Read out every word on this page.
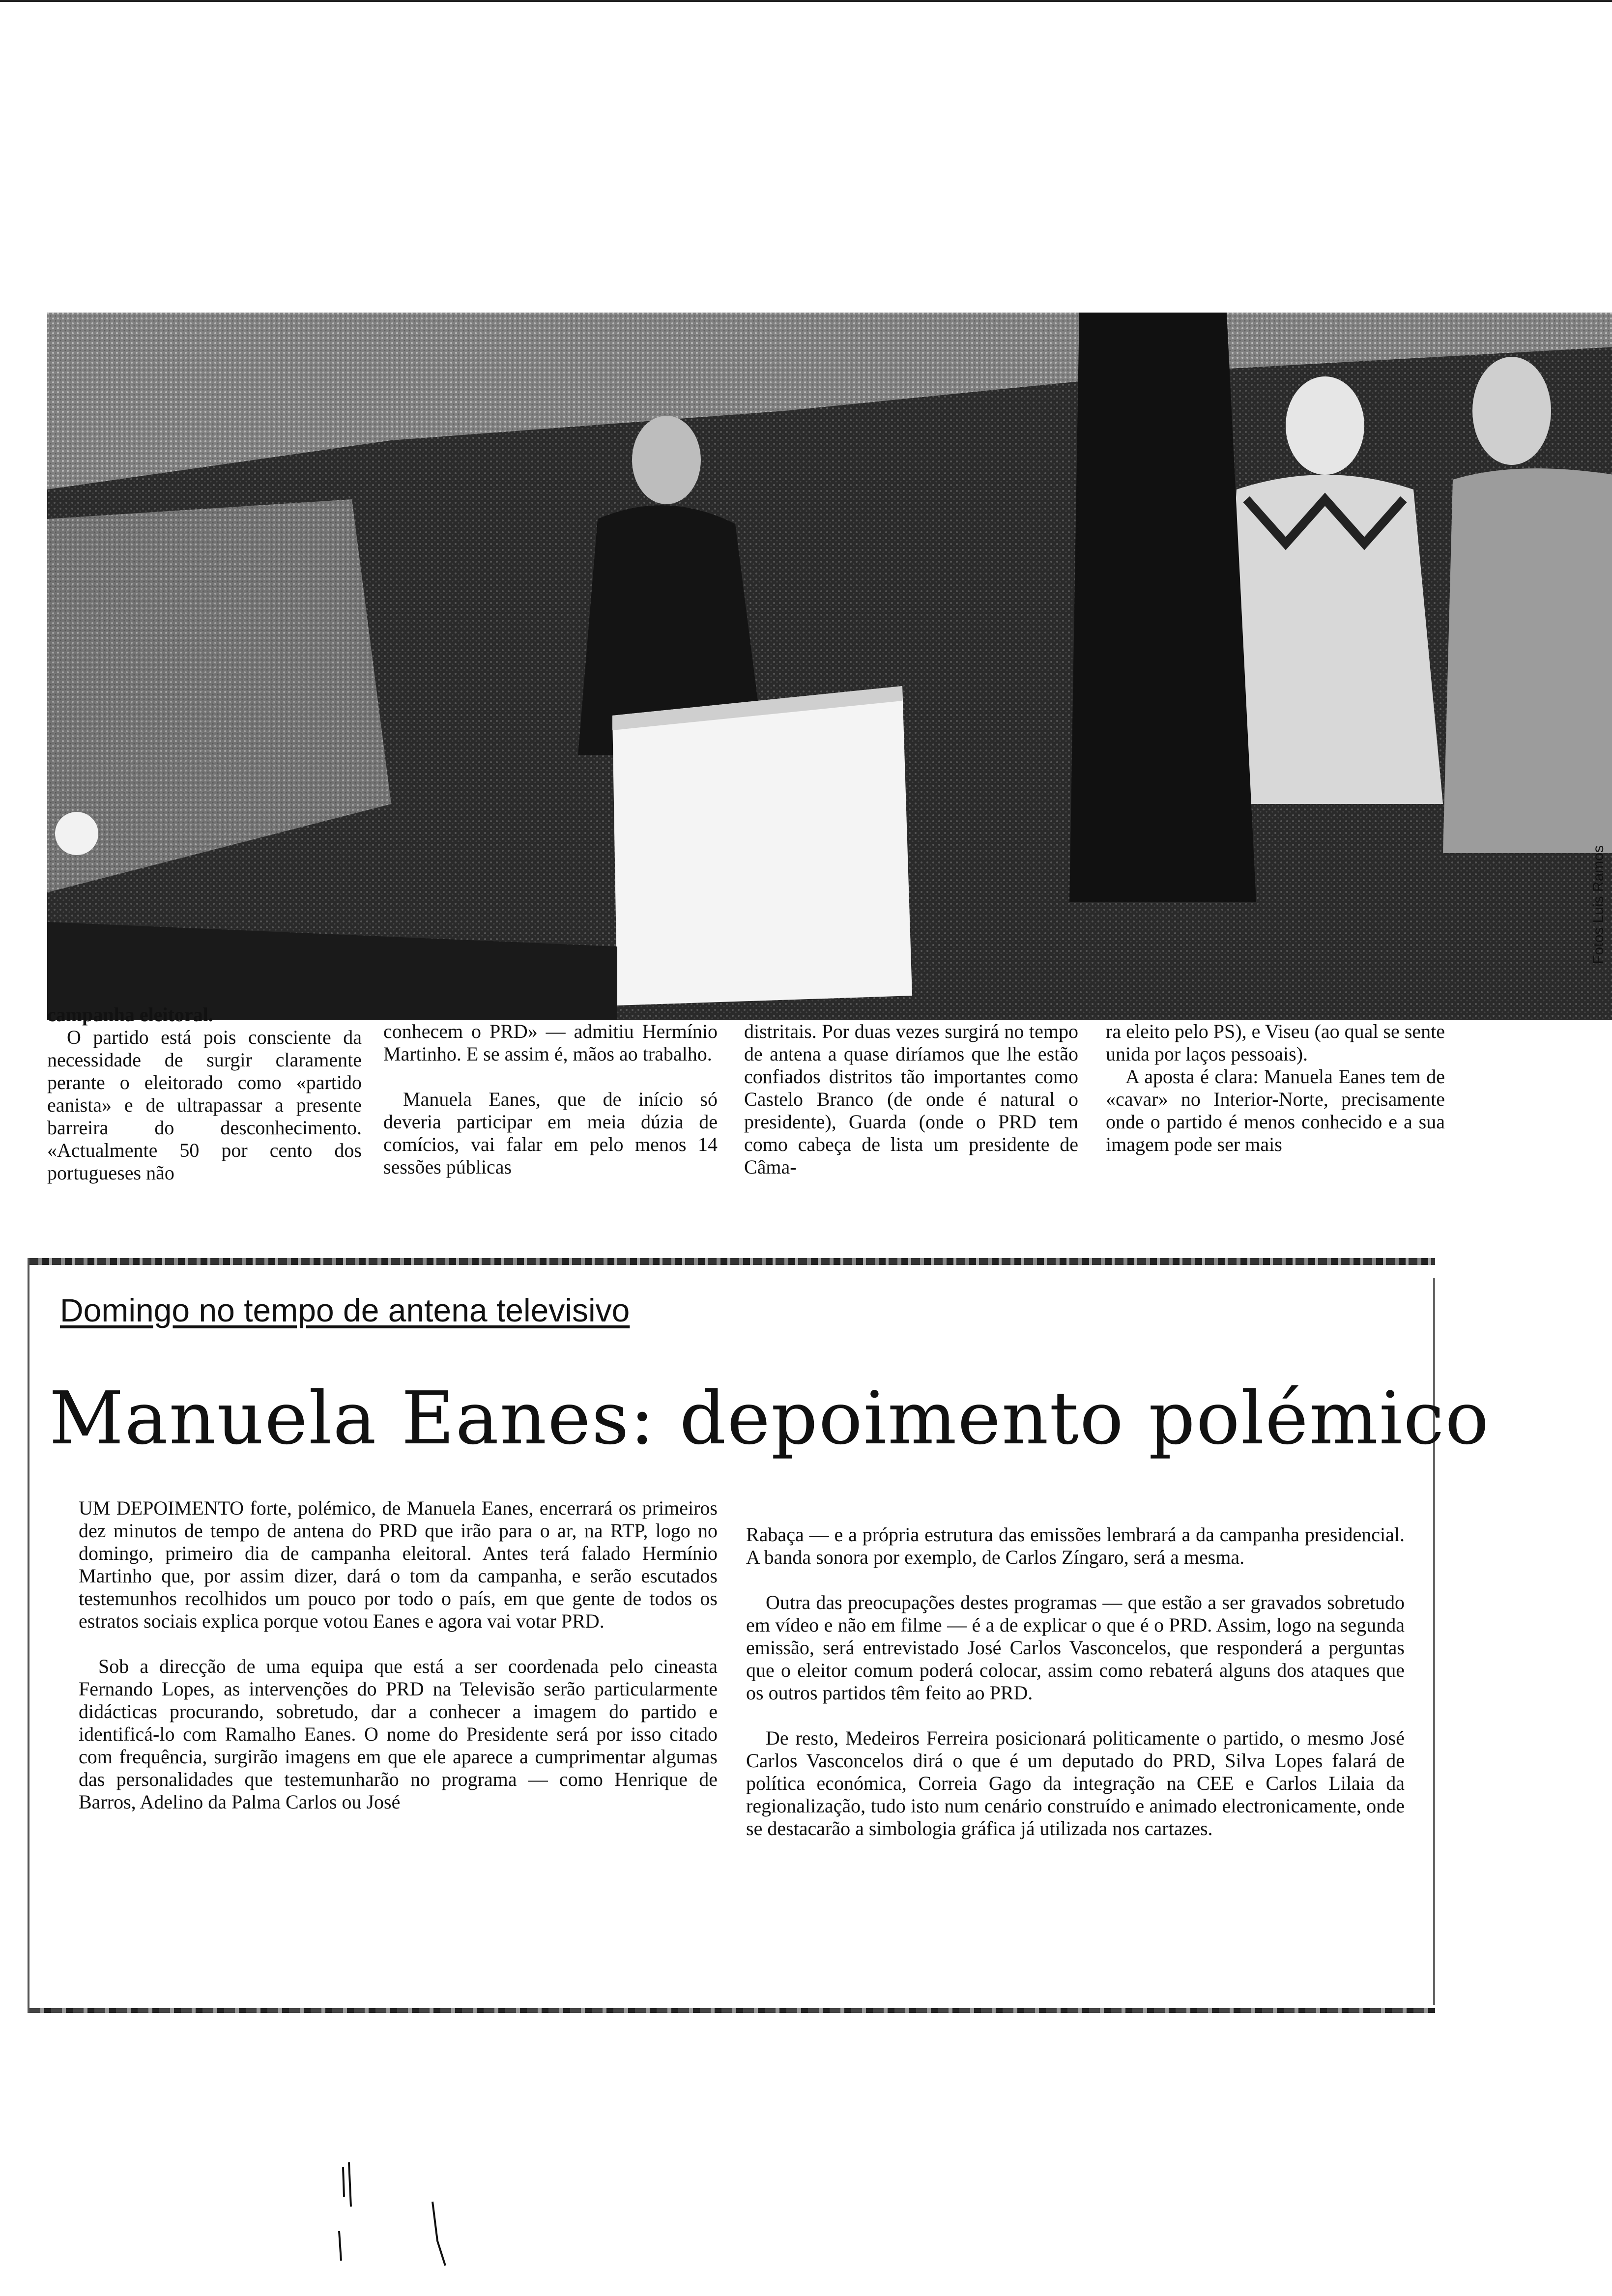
Fotos Luis Ramos

campanha eleitoral.

O partido está pois consciente da necessidade de surgir claramente perante o eleitorado como «partido eanista» e de ultrapassar a presente barreira do desconhecimento. «Actualmente 50 por cento dos portugueses não

conhecem o PRD» — admitiu Hermínio Martinho. E se assim é, mãos ao trabalho.

Manuela Eanes, que de início só deveria participar em meia dúzia de comícios, vai falar em pelo menos 14 sessões públicas

distritais. Por duas vezes surgirá no tempo de antena a quase diríamos que lhe estão confiados distritos tão importantes como Castelo Branco (de onde é natural o presidente), Guarda (onde o PRD tem como cabeça de lista um presidente de Câma-

ra eleito pelo PS), e Viseu (ao qual se sente unida por laços pessoais).

A aposta é clara: Manuela Eanes tem de «cavar» no Interior-Norte, precisamente onde o partido é menos conhecido e a sua imagem pode ser mais

Domingo no tempo de antena televisivo
Manuela Eanes: depoimento polémico

UM DEPOIMENTO forte, polémico, de Manuela Eanes, encerrará os primeiros dez minutos de tempo de antena do PRD que irão para o ar, na RTP, logo no domingo, primeiro dia de campanha eleitoral. Antes terá falado Hermínio Martinho que, por assim dizer, dará o tom da campanha, e serão escutados testemunhos recolhidos um pouco por todo o país, em que gente de todos os estratos sociais explica porque votou Eanes e agora vai votar PRD.

Sob a direcção de uma equipa que está a ser coordenada pelo cineasta Fernando Lopes, as intervenções do PRD na Televisão serão particularmente didácticas procurando, sobretudo, dar a conhecer a imagem do partido e identificá-lo com Ramalho Eanes. O nome do Presidente será por isso citado com frequência, surgirão imagens em que ele aparece a cumprimentar algumas das personalidades que testemunharão no programa — como Henrique de Barros, Adelino da Palma Carlos ou José

Rabaça — e a própria estrutura das emissões lembrará a da campanha presidencial. A banda sonora por exemplo, de Carlos Zíngaro, será a mesma.

Outra das preocupações destes programas — que estão a ser gravados sobretudo em vídeo e não em filme — é a de explicar o que é o PRD. Assim, logo na segunda emissão, será entrevistado José Carlos Vasconcelos, que responderá a perguntas que o eleitor comum poderá colocar, assim como rebaterá alguns dos ataques que os outros partidos têm feito ao PRD.

De resto, Medeiros Ferreira posicionará politicamente o partido, o mesmo José Carlos Vasconcelos dirá o que é um deputado do PRD, Silva Lopes falará de política económica, Correia Gago da integração na CEE e Carlos Lilaia da regionalização, tudo isto num cenário construído e animado electronicamente, onde se destacarão a simbologia gráfica já utilizada nos cartazes.
